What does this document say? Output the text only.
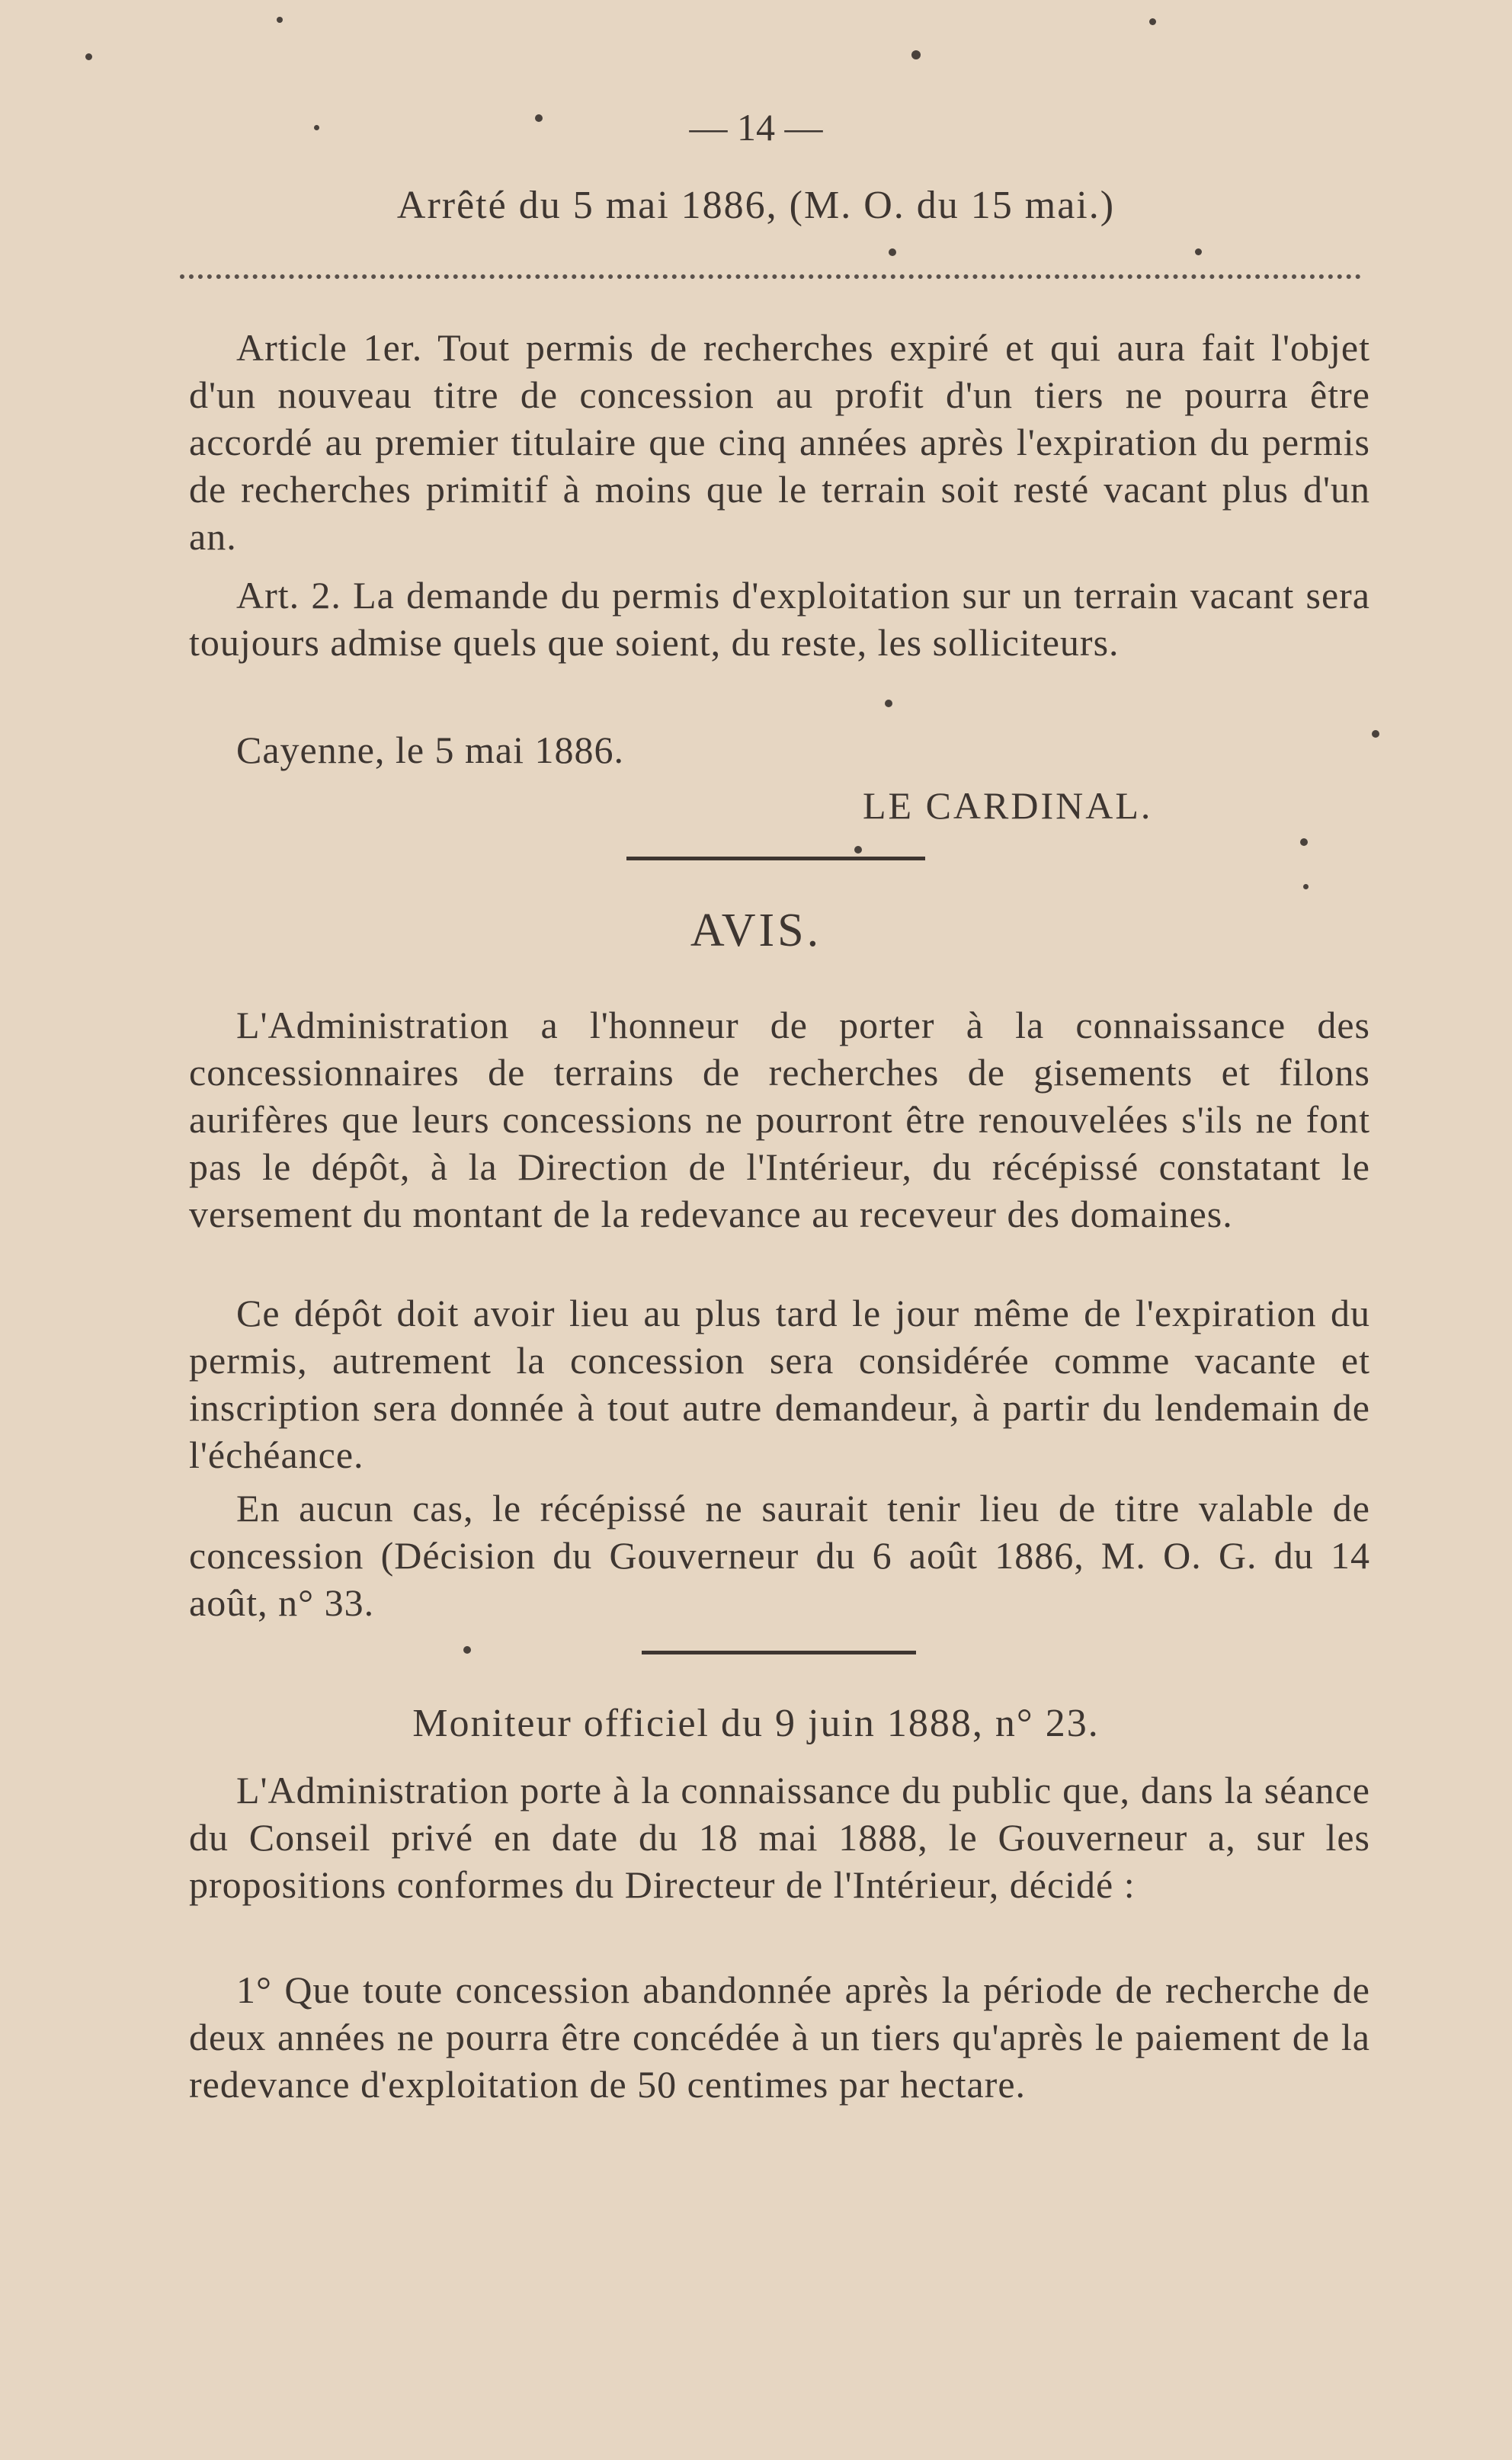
— 14 —
Arrêté du 5 mai 1886, (M. O. du 15 mai.)

Article 1er. Tout permis de recherches expiré et qui aura fait l'objet d'un nouveau titre de concession au profit d'un tiers ne pourra être accordé au premier titulaire que cinq années après l'expiration du permis de recherches primitif à moins que le terrain soit resté vacant plus d'un an.

Art. 2. La demande du permis d'exploitation sur un terrain vacant sera toujours admise quels que soient, du reste, les solliciteurs.

Cayenne, le 5 mai 1886.
LE CARDINAL.
AVIS.

L'Administration a l'honneur de porter à la connaissance des concessionnaires de terrains de recherches de gisements et filons aurifères que leurs concessions ne pourront être renouvelées s'ils ne font pas le dépôt, à la Direction de l'Intérieur, du récépissé constatant le versement du montant de la redevance au receveur des domaines.

Ce dépôt doit avoir lieu au plus tard le jour même de l'expiration du permis, autrement la concession sera considérée comme vacante et inscription sera donnée à tout autre demandeur, à partir du lendemain de l'échéance.

En aucun cas, le récépissé ne saurait tenir lieu de titre valable de concession (Décision du Gouverneur du 6 août 1886, M. O. G. du 14 août, n° 33.

Moniteur officiel du 9 juin 1888, n° 23.

L'Administration porte à la connaissance du public que, dans la séance du Conseil privé en date du 18 mai 1888, le Gouverneur a, sur les propositions conformes du Directeur de l'Intérieur, décidé :

1° Que toute concession abandonnée après la période de recherche de deux années ne pourra être concédée à un tiers qu'après le paiement de la redevance d'exploitation de 50 centimes par hectare.
